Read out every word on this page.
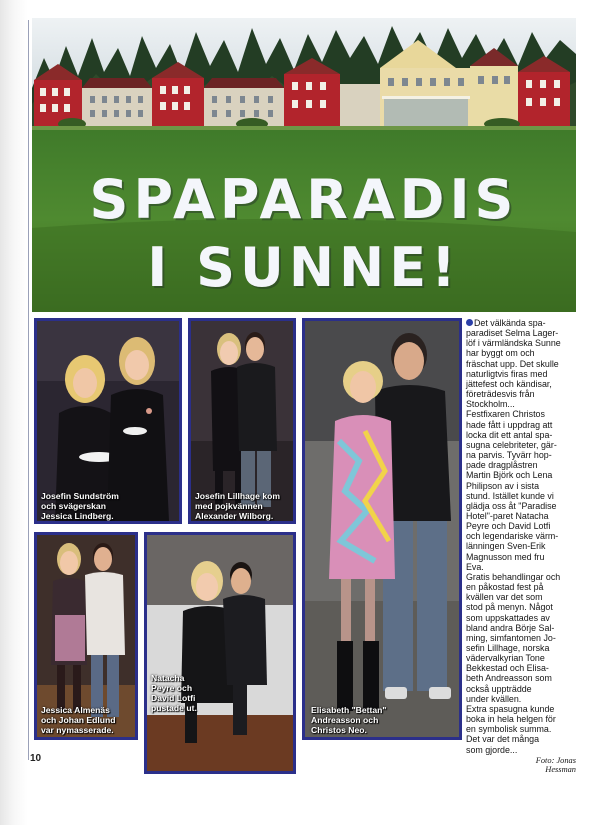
SPAPARADIS
I SUNNE!
Josefin Sundström
och svägerskan
Jessica Lindberg.
Josefin Lillhage kom
med pojkvännen
Alexander Wilborg.
Elisabeth "Bettan"
Andreasson och
Christos Neo.
Jessica Almenäs
och Johan Edlund
var nymasserade.
Natacha
Peyre och
David Lotfi
pustade ut.
Det välkända spa-
paradiset Selma Lager-
löf i värmländska Sunne
har byggt om och
fräschat upp. Det skulle
naturligtvis firas med
jättefest och kändisar,
företrädesvis från
Stockholm...
Festfixaren Christos
hade fått i uppdrag att
locka dit ett antal spa-
sugna celebriteter, gär-
na parvis. Tyvärr hop-
pade dragplåstren
Martin Björk och Lena
Philipson av i sista
stund. Istället kunde vi
glädja oss åt "Paradise
Hotel"-paret Natacha
Peyre och David Lotfi
och legendariske värm-
länningen Sven-Erik
Magnusson med fru
Eva.
Gratis behandlingar och
en påkostad fest på
kvällen var det som
stod på menyn. Något
som uppskattades av
bland andra Börje Sal-
ming, simfantomen Jo-
sefin Lillhage, norska
vädervalkyrian Tone
Bekkestad och Elisa-
beth Andreasson som
också uppträdde
under kvällen.
Extra spasugna kunde
boka in hela helgen för
en symbolisk summa.
Det var det många
som gjorde...
Foto: Jonas
Hessman
10
